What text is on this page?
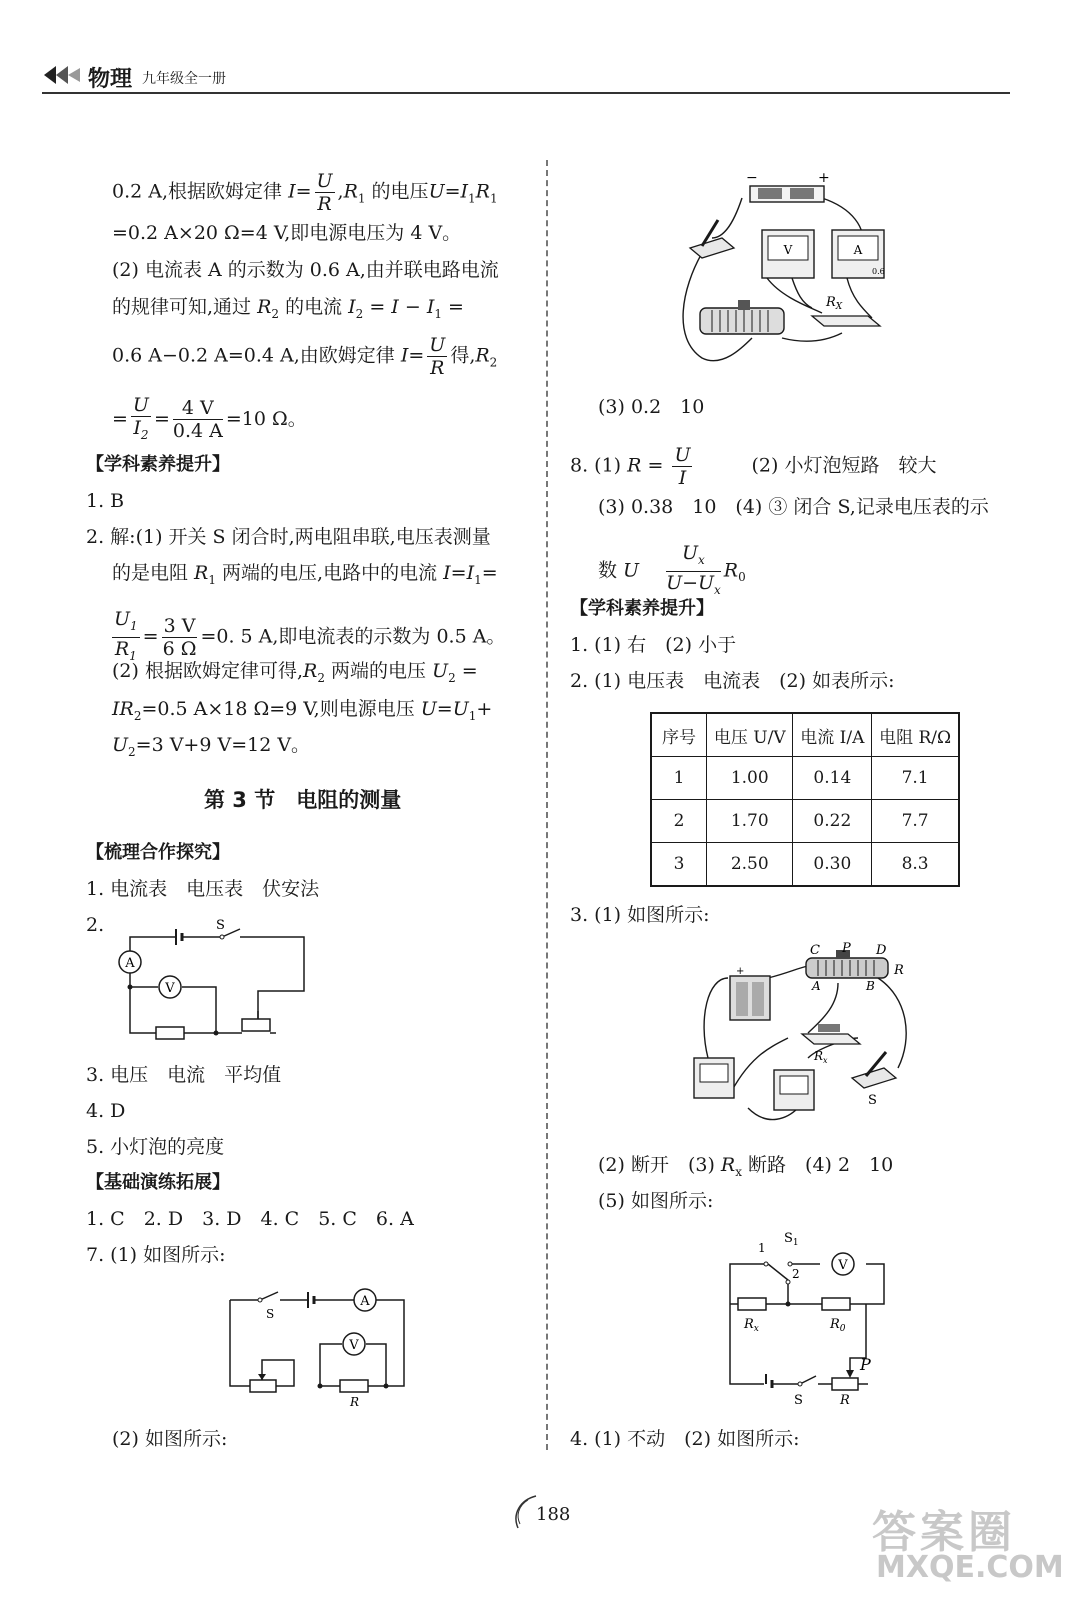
物理 九年级全一册
0.2 A,根据欧姆定律 $I= \frac{U}{R} ,R_1$ 的电压$U=I_1R_1$
=0.2 A×20 Ω=4 V,即电源电压为 4 V。
(2) 电流表 A 的示数为 0.6 A,由并联电路电流
的规律可知,通过 $R_2$ 的电流 $I_2 = I - I_1$ =
0.6 A−0.2 A=0.4 A,由欧姆定律 $I= \frac{U}{R}$ 得$,R_2$
= $\frac{U}{I_2} = \frac{4 V}{0.4 A} =10$ Ω。
【学科素养提升】
1. B
2. 解:(1) 开关 S 闭合时,两电阻串联,电压表测量
的是电阻 $R_1$ 两端的电压,电路中的电流 $I=I_1=$
$\frac{U_1}{R_1} = \frac{3 V}{6 \Omega} =0$. 5 A,即电流表的示数为 0.5 A。
(2) 根据欧姆定律可得$,R_2$ 两端的电压 $U_2$ =
$IR_2=0.5$ A×18 Ω=9 V,则电源电压 $U=U_1+$
$U_2=3$ V+9 V=12 V。
第 3 节　电阻的测量
【梳理合作探究】
1. 电流表　电压表　伏安法
2.
A
V
S
3. 电压　电流　平均值
4. D
5. 小灯泡的亮度
【基础演练拓展】
1. C　2. D　3. D　4. C　5. C　6. A
7. (1) 如图所示:
A
V
S
R
(2) 如图所示:
−	+
V	A
0.6
$R_X$
(3) 0.2　10
8. (1) $R = \frac{U}{I}$	(2) 小灯泡短路　较大
(3) 0.38　10　(4) ③ 闭合 S,记录电压表的示
数 U $\frac{U_x}{U-U_x} R_0$
【学科素养提升】
1. (1) 右　(2) 小于
2. (1) 电压表　电流表　(2) 如表所示:
序号	电压 U/V	电流 I/A	电阻 R/Ω
1	1.00	0.14	7.1
2	1.70	0.22	7.7
3	2.50	0.30	8.3
3. (1) 如图所示:
+
C P D
R
A	B
$R_x$
S
(2) 断开　(3) $R_x$ 断路　(4) 2　10
(5) 如图所示:
V
1
2
$S_1$
$R_x$	$R_0$
P
S	R
4. (1) 不动　(2) 如图所示:
188	答案圈
MXQE.COM
